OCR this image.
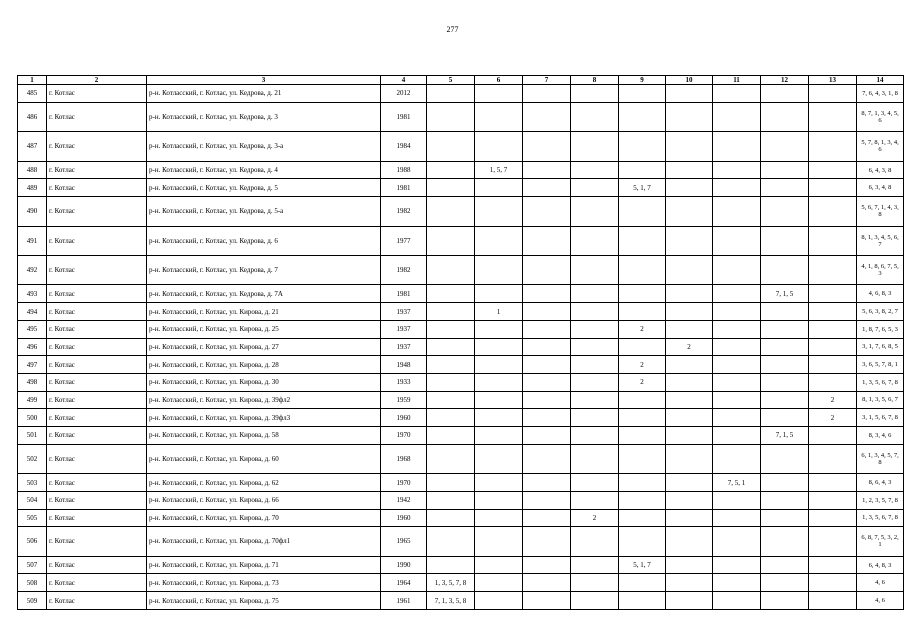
277
1	2	3	4	5	6	7	8	9	10	11	12	13	14
485	г. Котлас	р-н. Котласский, г. Котлас, ул. Кедрова, д. 21	2012										7, 6, 4, 3, 1, 8
486	г. Котлас	р-н. Котласский, г. Котлас, ул. Кедрова, д. 3	1981										8, 7, 1, 3, 4, 5, 6
487	г. Котлас	р-н. Котласский, г. Котлас, ул. Кедрова, д. 3-а	1984										5, 7, 8, 1, 3, 4, 6
488	г. Котлас	р-н. Котласский, г. Котлас, ул. Кедрова, д. 4	1988		1, 5, 7								6, 4, 3, 8
489	г. Котлас	р-н. Котласский, г. Котлас, ул. Кедрова, д. 5	1981					5, 1, 7					6, 3, 4, 8
490	г. Котлас	р-н. Котласский, г. Котлас, ул. Кедрова, д. 5-а	1982										5, 6, 7, 1, 4, 3, 8
491	г. Котлас	р-н. Котласский, г. Котлас, ул. Кедрова, д. 6	1977										8, 1, 3, 4, 5, 6, 7
492	г. Котлас	р-н. Котласский, г. Котлас, ул. Кедрова, д. 7	1982										4, 1, 8, 6, 7, 5, 3
493	г. Котлас	р-н. Котласский, г. Котлас, ул. Кедрова, д. 7А	1981								7, 1, 5		4, 6, 8, 3
494	г. Котлас	р-н. Котласский, г. Котлас, ул. Кирова, д. 21	1937		1								5, 6, 3, 8, 2, 7
495	г. Котлас	р-н. Котласский, г. Котлас, ул. Кирова, д. 25	1937					2					1, 8, 7, 6, 5, 3
496	г. Котлас	р-н. Котласский, г. Котлас, ул. Кирова, д. 27	1937						2				3, 1, 7, 6, 8, 5
497	г. Котлас	р-н. Котласский, г. Котлас, ул. Кирова, д. 28	1948					2					3, 6, 5, 7, 8, 1
498	г. Котлас	р-н. Котласский, г. Котлас, ул. Кирова, д. 30	1933					2					1, 3, 5, 6, 7, 8
499	г. Котлас	р-н. Котласский, г. Котлас, ул. Кирова, д. 39фл2	1959									2	8, 1, 3, 5, 6, 7
500	г. Котлас	р-н. Котласский, г. Котлас, ул. Кирова, д. 39фл3	1960									2	3, 1, 5, 6, 7, 8
501	г. Котлас	р-н. Котласский, г. Котлас, ул. Кирова, д. 58	1970								7, 1, 5		8, 3, 4, 6
502	г. Котлас	р-н. Котласский, г. Котлас, ул. Кирова, д. 60	1968										6, 1, 3, 4, 5, 7, 8
503	г. Котлас	р-н. Котласский, г. Котлас, ул. Кирова, д. 62	1970							7, 5, 1			8, 6, 4, 3
504	г. Котлас	р-н. Котласский, г. Котлас, ул. Кирова, д. 66	1942										1, 2, 3, 5, 7, 8
505	г. Котлас	р-н. Котласский, г. Котлас, ул. Кирова, д. 70	1960				2						1, 3, 5, 6, 7, 8
506	г. Котлас	р-н. Котласский, г. Котлас, ул. Кирова, д. 70фл1	1965										6, 8, 7, 5, 3, 2, 1
507	г. Котлас	р-н. Котласский, г. Котлас, ул. Кирова, д. 71	1990					5, 1, 7					6, 4, 8, 3
508	г. Котлас	р-н. Котласский, г. Котлас, ул. Кирова, д. 73	1964	1, 3, 5, 7, 8									4, 6
509	г. Котлас	р-н. Котласский, г. Котлас, ул. Кирова, д. 75	1961	7, 1, 3, 5, 8									4, 6
